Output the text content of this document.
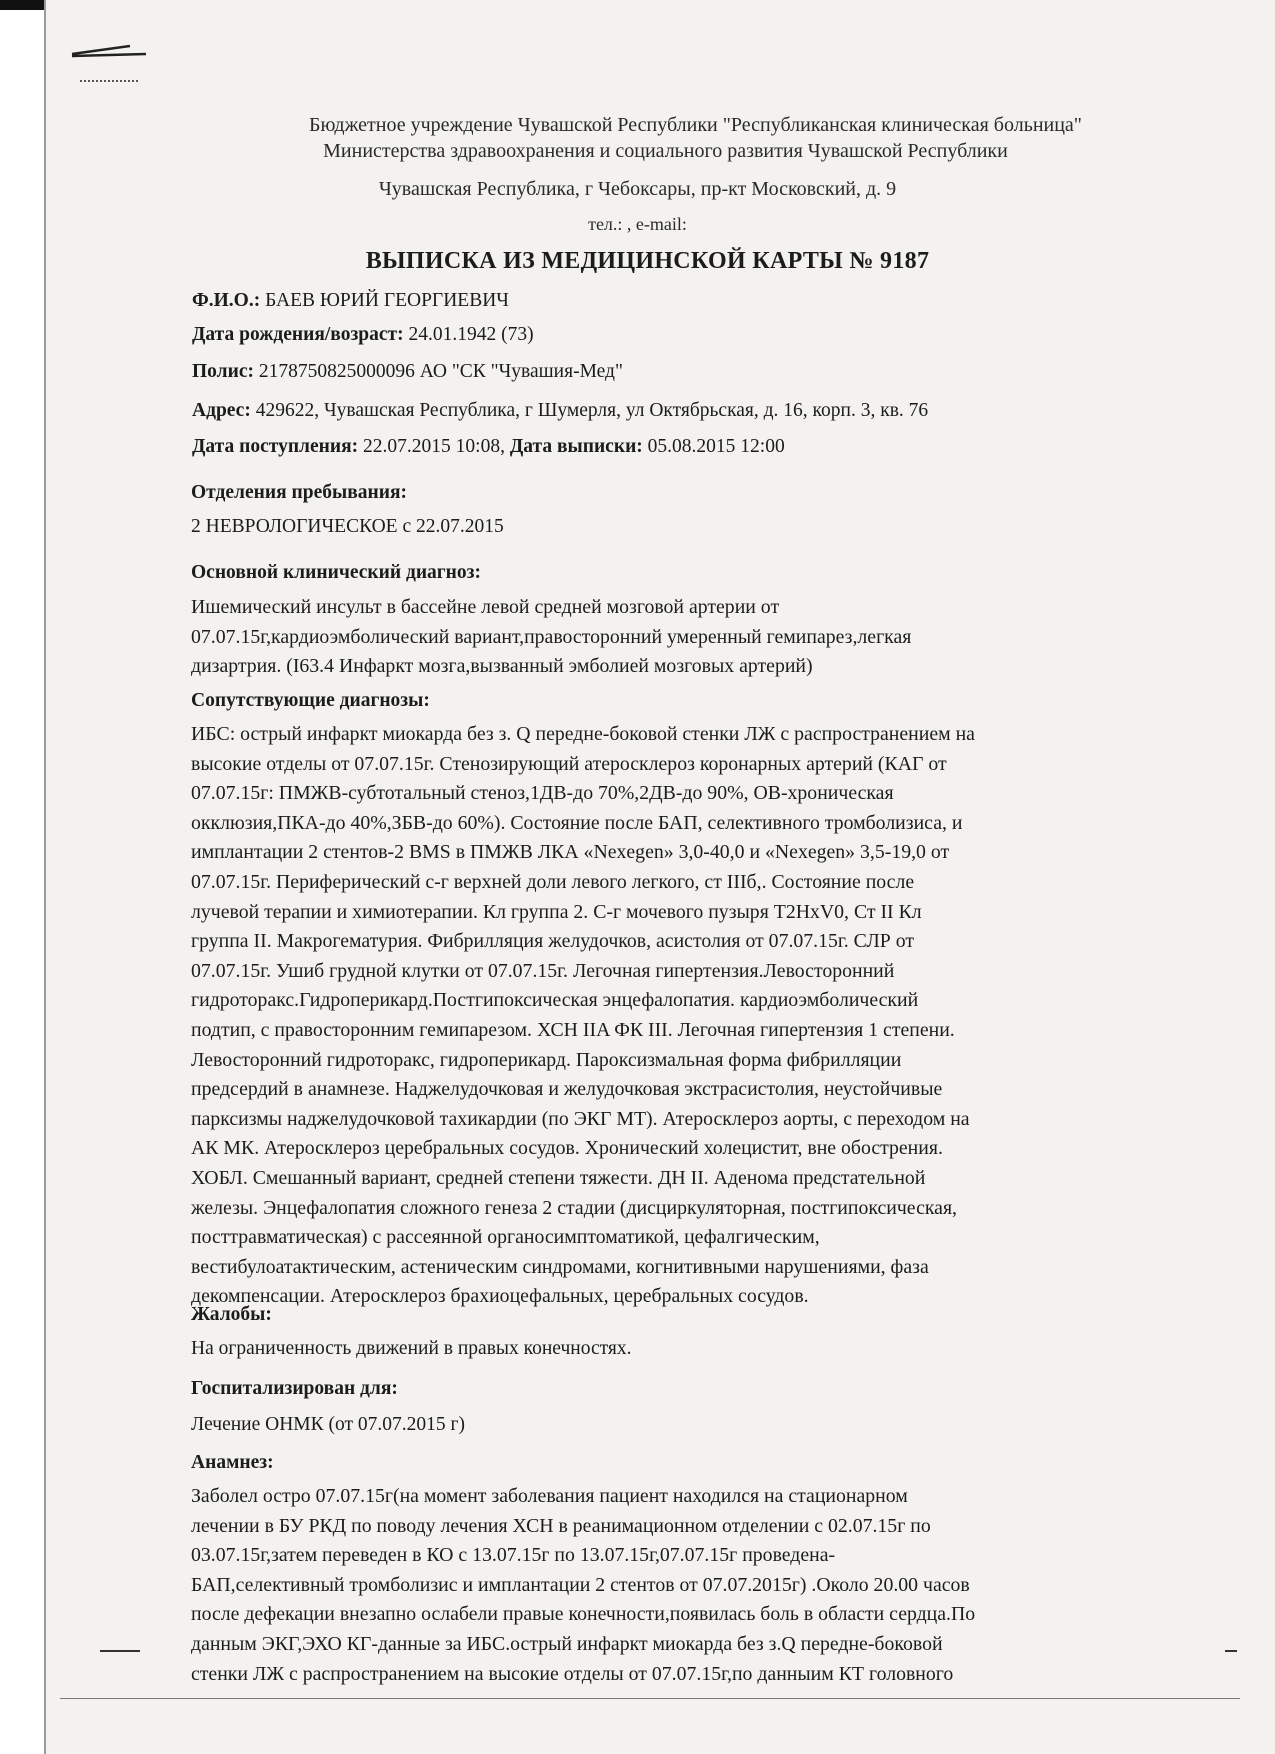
Бюджетное учреждение Чувашской Республики "Республиканская клиническая больница"
Министерства здравоохранения и социального развития Чувашской Республики
Чувашская Республика, г Чебоксары, пр-кт Московский, д. 9
тел.: , e-mail:
ВЫПИСКА ИЗ МЕДИЦИНСКОЙ КАРТЫ № 9187
Ф.И.О.: БАЕВ ЮРИЙ ГЕОРГИЕВИЧ
Дата рождения/возраст: 24.01.1942 (73)
Полис: 2178750825000096 АО "СК "Чувашия-Мед"
Адрес: 429622, Чувашская Республика, г Шумерля, ул Октябрьская, д. 16, корп. 3, кв. 76
Дата поступления: 22.07.2015 10:08, Дата выписки: 05.08.2015 12:00
Отделения пребывания:
2 НЕВРОЛОГИЧЕСКОЕ с 22.07.2015
Основной клинический диагноз:
Ишемический инсульт в бассейне левой средней мозговой артерии от
07.07.15г,кардиоэмболический вариант,правосторонний умеренный гемипарез,легкая
дизартрия. (I63.4 Инфаркт мозга,вызванный эмболией мозговых артерий)
Сопутствующие диагнозы:
ИБС: острый инфаркт миокарда без з. Q передне-боковой стенки ЛЖ с распространением на
высокие отделы от 07.07.15г. Стенозирующий атеросклероз коронарных артерий (КАГ от
07.07.15г: ПМЖВ-субтотальный стеноз,1ДВ-до 70%,2ДВ-до 90%, ОВ-хроническая
окклюзия,ПКА-до 40%,ЗБВ-до 60%). Состояние после БАП, селективного тромболизиса, и
имплантации 2 стентов-2 BMS в ПМЖВ ЛКА «Nexegen» 3,0-40,0 и «Nexegen» 3,5-19,0 от
07.07.15г. Периферический с-г верхней доли левого легкого, ст IIIб,. Состояние после
лучевой терапии и химиотерапии. Кл группа 2. С-г мочевого пузыря T2HxV0, Ст II Кл
группа II. Макрогематурия. Фибрилляция желудочков, асистолия от 07.07.15г. СЛР от
07.07.15г. Ушиб грудной клутки от 07.07.15г. Легочная гипертензия.Левосторонний
гидроторакс.Гидроперикард.Постгипоксическая энцефалопатия. кардиоэмболический
подтип, с правосторонним гемипарезом. ХСН IIA ФК III. Легочная гипертензия 1 степени.
Левосторонний гидроторакс, гидроперикард. Пароксизмальная форма фибрилляции
предсердий в анамнезе. Наджелудочковая и желудочковая экстрасистолия, неустойчивые
парксизмы наджелудочковой тахикардии (по ЭКГ МТ). Атеросклероз аорты, с переходом на
АК МК. Атеросклероз церебральных сосудов. Хронический холецистит, вне обострения.
ХОБЛ. Смешанный вариант, средней степени тяжести. ДН II. Аденома предстательной
железы. Энцефалопатия сложного генеза 2 стадии (дисциркуляторная, постгипоксическая,
посттравматическая) с рассеянной органосимптоматикой, цефалгическим,
вестибулоатактическим, астеническим синдромами, когнитивными нарушениями, фаза
декомпенсации. Атеросклероз брахиоцефальных, церебральных сосудов.
Жалобы:
На ограниченность движений в правых конечностях.
Госпитализирован для:
Лечение ОНМК (от 07.07.2015 г)
Анамнез:
Заболел остро 07.07.15г(на момент заболевания пациент находился на стационарном
лечении в БУ РКД по поводу лечения ХСН в реанимационном отделении с 02.07.15г по
03.07.15г,затем переведен в КО с 13.07.15г по 13.07.15г,07.07.15г проведена-
БАП,селективный тромболизис и имплантации 2 стентов от 07.07.2015г) .Около 20.00 часов
после дефекации внезапно ослабели правые конечности,появилась боль в области сердца.По
данным ЭКГ,ЭХО КГ-данные за ИБС.острый инфаркт миокарда без з.Q передне-боковой
стенки ЛЖ с распространением на высокие отделы от 07.07.15г,по данныим КТ головного
